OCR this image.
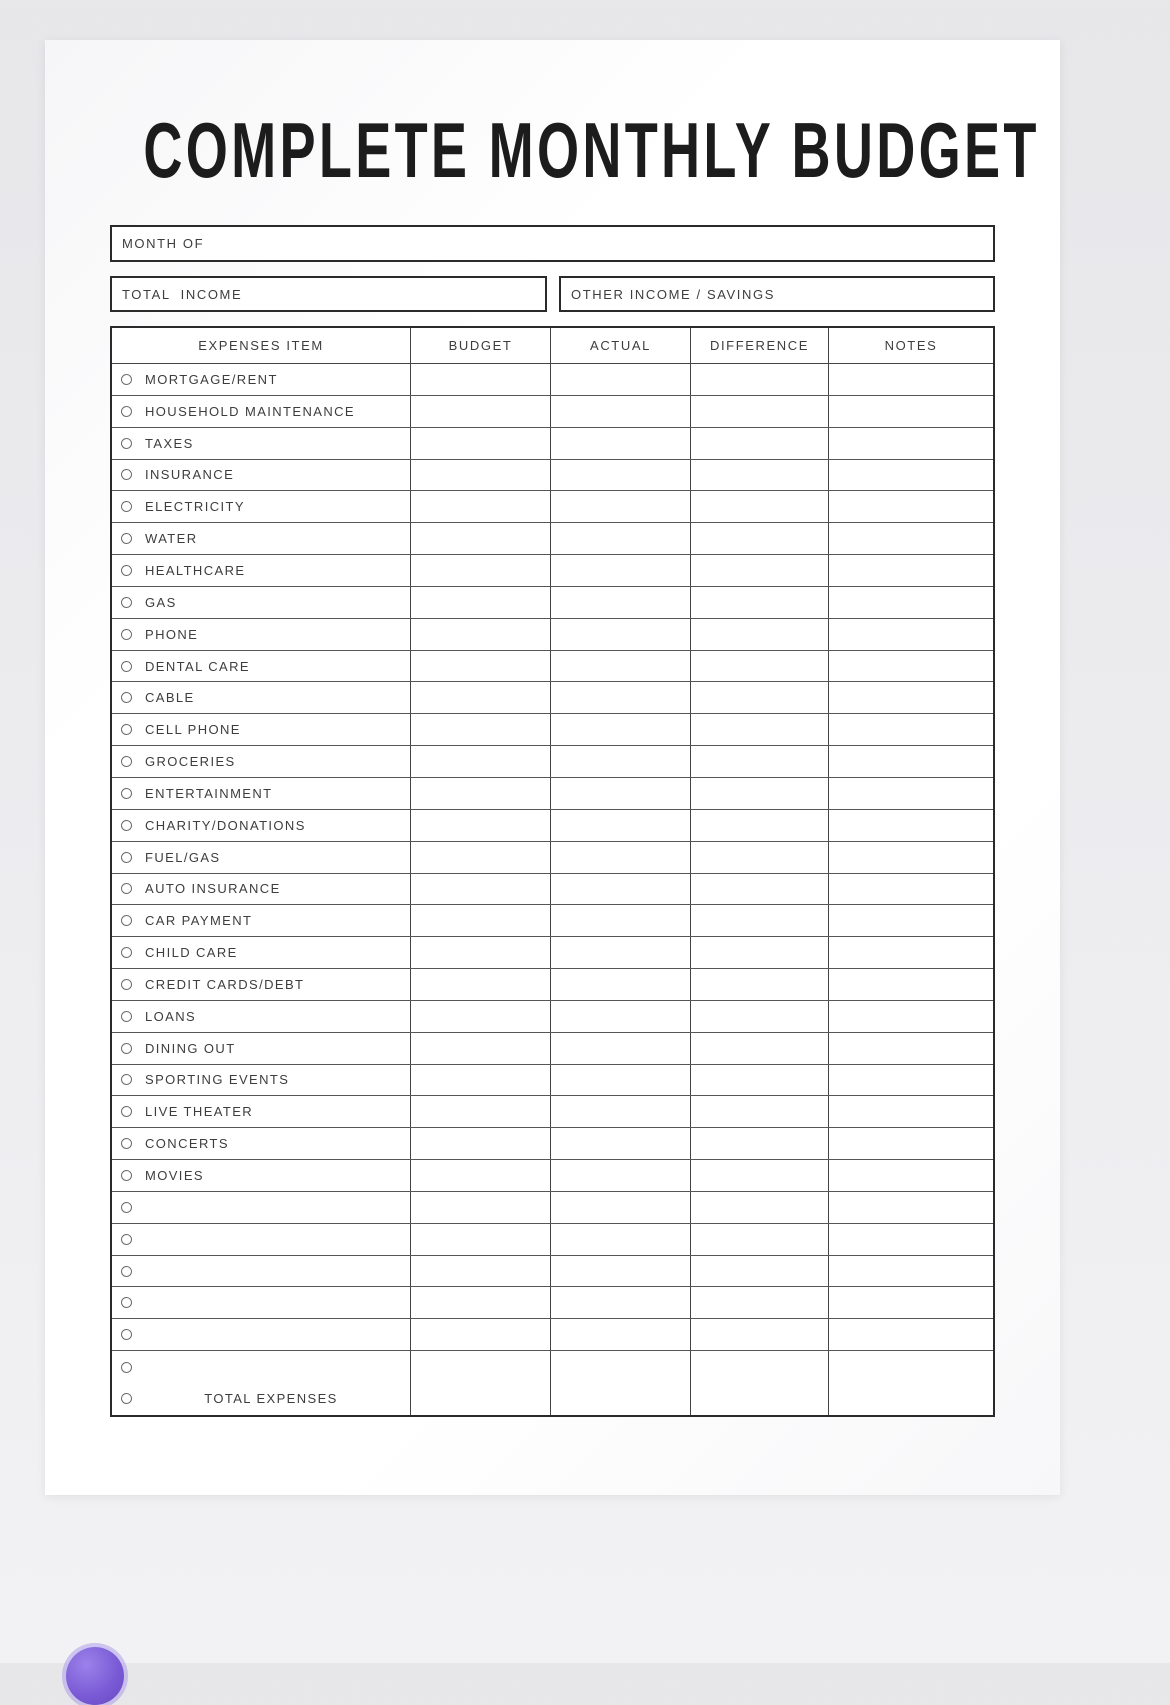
COMPLETE MONTHLY BUDGET
MONTH OF
TOTAL  INCOME	OTHER INCOME / SAVINGS
EXPENSES ITEM	BUDGET	ACTUAL	DIFFERENCE	NOTES
MORTGAGE/RENT
HOUSEHOLD MAINTENANCE
TAXES
INSURANCE
ELECTRICITY
WATER
HEALTHCARE
GAS
PHONE
DENTAL CARE
CABLE
CELL PHONE
GROCERIES
ENTERTAINMENT
CHARITY/DONATIONS
FUEL/GAS
AUTO INSURANCE
CAR PAYMENT
CHILD CARE
CREDIT CARDS/DEBT
LOANS
DINING OUT
SPORTING EVENTS
LIVE THEATER
CONCERTS
MOVIES
TOTAL EXPENSES
